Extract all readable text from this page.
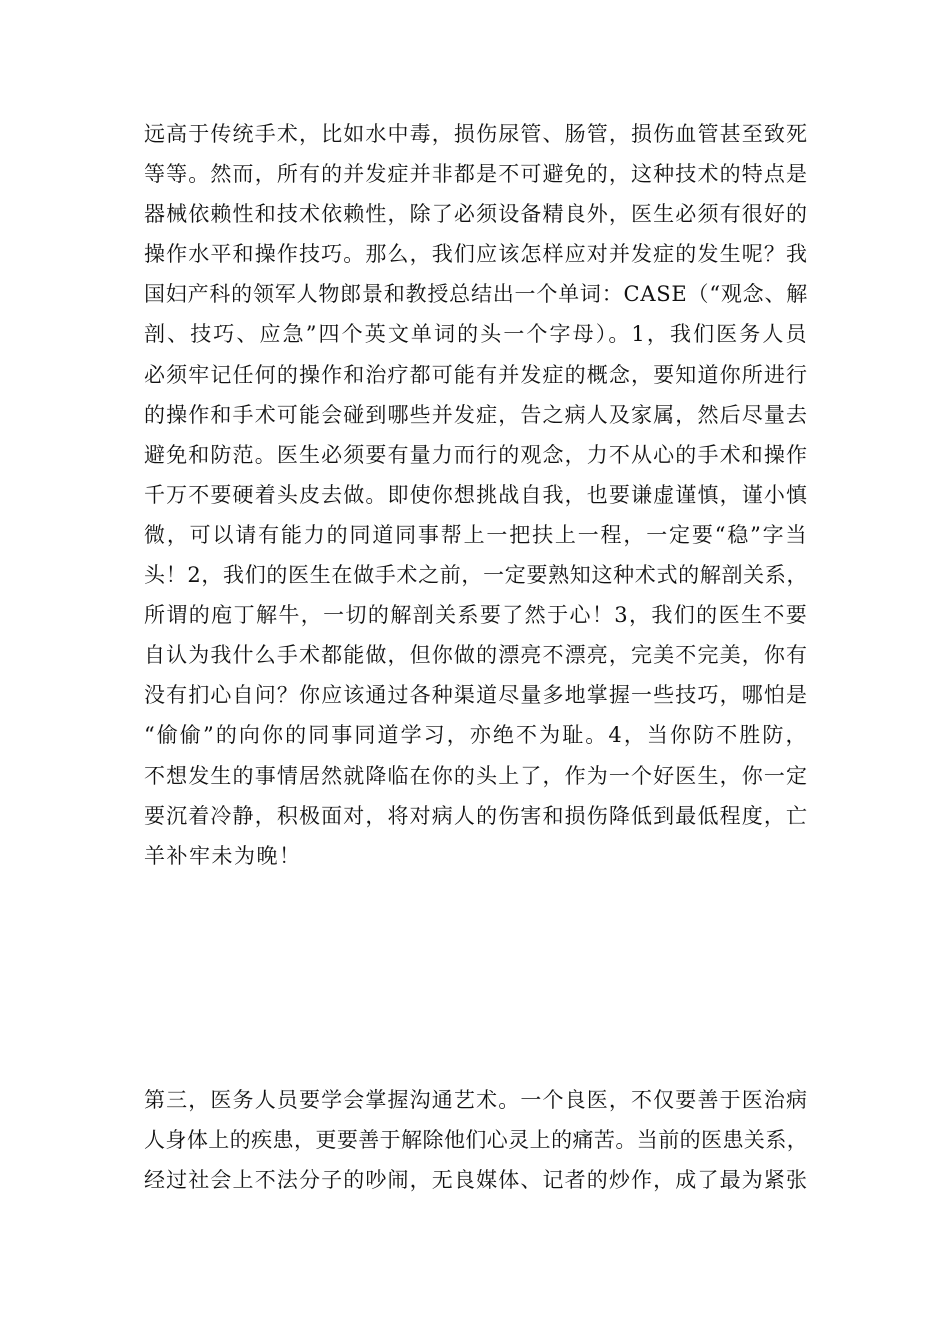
远高于传统手术，比如水中毒，损伤尿管、肠管，损伤血管甚至致死
等等。然而，所有的并发症并非都是不可避免的，这种技术的特点是
器械依赖性和技术依赖性，除了必须设备精良外，医生必须有很好的
操作水平和操作技巧。那么，我们应该怎样应对并发症的发生呢？我
国妇产科的领军人物郎景和教授总结出一个单词：CASE（“观念、解
剖、技巧、应急”四个英文单词的头一个字母）。1，我们医务人员
必须牢记任何的操作和治疗都可能有并发症的概念，要知道你所进行
的操作和手术可能会碰到哪些并发症，告之病人及家属，然后尽量去
避免和防范。医生必须要有量力而行的观念，力不从心的手术和操作
千万不要硬着头皮去做。即使你想挑战自我，也要谦虚谨慎，谨小慎
微，可以请有能力的同道同事帮上一把扶上一程，一定要“稳”字当
头！2，我们的医生在做手术之前，一定要熟知这种术式的解剖关系，
所谓的庖丁解牛，一切的解剖关系要了然于心！3，我们的医生不要
自认为我什么手术都能做，但你做的漂亮不漂亮，完美不完美，你有
没有扪心自问？你应该通过各种渠道尽量多地掌握一些技巧，哪怕是
“偷偷”的向你的同事同道学习，亦绝不为耻。4，当你防不胜防，
不想发生的事情居然就降临在你的头上了，作为一个好医生，你一定
要沉着冷静，积极面对，将对病人的伤害和损伤降低到最低程度，亡
羊补牢未为晚！
第三，医务人员要学会掌握沟通艺术。一个良医，不仅要善于医治病
人身体上的疾患，更要善于解除他们心灵上的痛苦。当前的医患关系，
经过社会上不法分子的吵闹，无良媒体、记者的炒作，成了最为紧张
